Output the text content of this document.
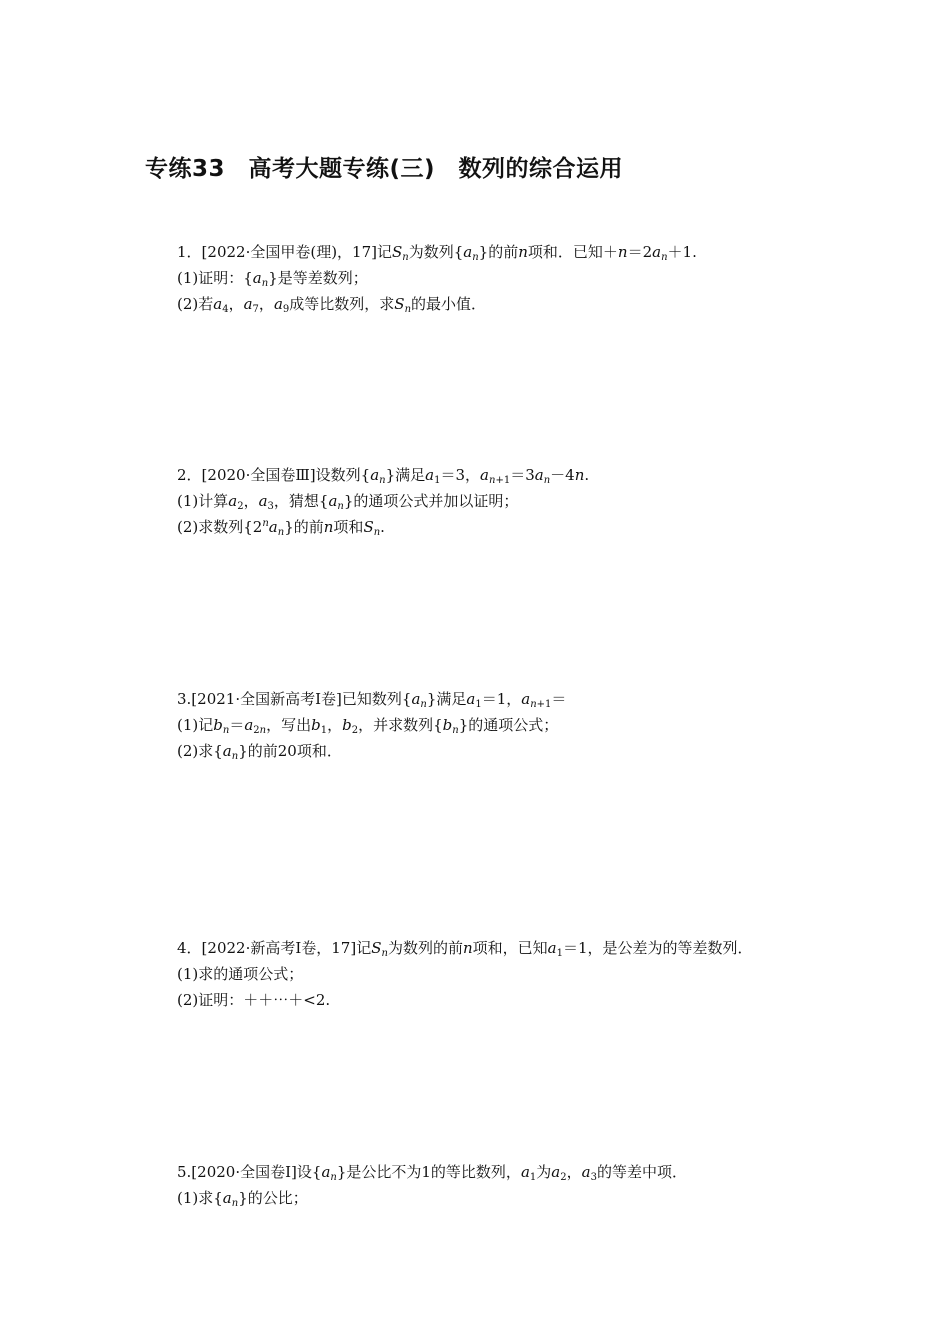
专练33　高考大题专练(三)　数列的综合运用
1．[2022·全国甲卷(理)，17]记$S_n$为数列$\{a_n\}$的前n项和．已知$+n=2a_n+1$.
(1)证明：$\{a_n\}$是等差数列；
(2)若$a_4$，$a_7$，$a_9$成等比数列，求$S_n$的最小值．
2．[2020·全国卷Ⅲ]设数列$\{a_n\}$满足$a_1=3$，$a_{n+1}=3a_n-4n$.
(1)计算$a_2$，$a_3$，猜想$\{a_n\}$的通项公式并加以证明；
(2)求数列$\{2^na_n\}$的前n项和$S_n$.
3.[2021·全国新高考Ⅰ卷]已知数列$\{a_n\}$满足$a_1=1$，$a_{n+1}=$
(1)记$b_n=a_{2n}$，写出$b_1$，$b_2$，并求数列$\{b_n\}$的通项公式；
(2)求$\{a_n\}$的前20项和．
4．[2022·新高考Ⅰ卷，17]记$S_n$为数列的前n项和，已知$a_1=1$，是公差为的等差数列．
(1)求的通项公式；
(2)证明：＋＋⋯＋<2.
5.[2020·全国卷Ⅰ]设$\{a_n\}$是公比不为1的等比数列，$a_1$为$a_2$，$a_3$的等差中项．
(1)求$\{a_n\}$的公比；
